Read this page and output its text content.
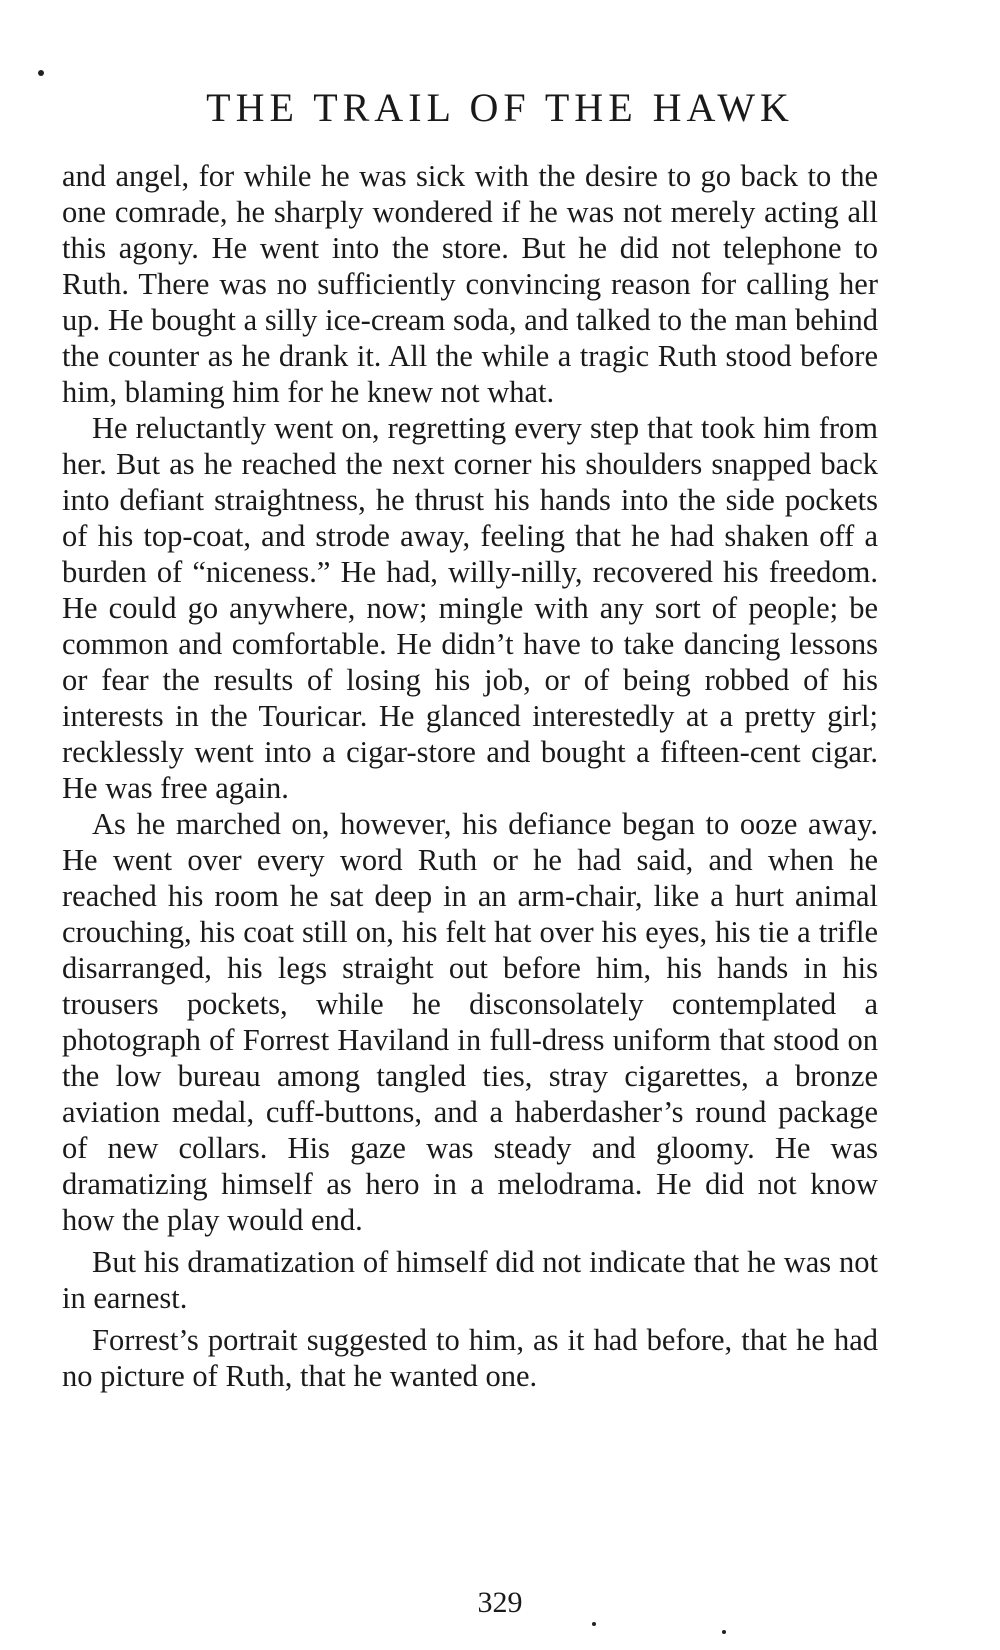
THE TRAIL OF THE HAWK

and angel, for while he was sick with the desire to go back to the one comrade, he sharply wondered if he was not merely acting all this agony. He went into the store. But he did not telephone to Ruth. There was no sufficiently convincing reason for calling her up. He bought a silly ice-cream soda, and talked to the man behind the counter as he drank it. All the while a tragic Ruth stood before him, blaming him for he knew not what.

He reluctantly went on, regretting every step that took him from her. But as he reached the next corner his shoulders snapped back into defiant straightness, he thrust his hands into the side pockets of his top-coat, and strode away, feeling that he had shaken off a burden of “niceness.” He had, willy-nilly, recovered his freedom. He could go anywhere, now; mingle with any sort of people; be common and comfortable. He didn’t have to take dancing lessons or fear the results of losing his job, or of being robbed of his interests in the Touricar. He glanced interestedly at a pretty girl; recklessly went into a cigar-store and bought a fifteen-cent cigar. He was free again.

As he marched on, however, his defiance began to ooze away. He went over every word Ruth or he had said, and when he reached his room he sat deep in an arm-chair, like a hurt animal crouching, his coat still on, his felt hat over his eyes, his tie a trifle disarranged, his legs straight out before him, his hands in his trousers pockets, while he disconsolately contemplated a photograph of Forrest Haviland in full-dress uniform that stood on the low bureau among tangled ties, stray cigarettes, a bronze aviation medal, cuff-buttons, and a haberdasher’s round package of new collars. His gaze was steady and gloomy. He was dramatizing himself as hero in a melodrama. He did not know how the play would end.

But his dramatization of himself did not indicate that he was not in earnest.

Forrest’s portrait suggested to him, as it had before, that he had no picture of Ruth, that he wanted one.

329
